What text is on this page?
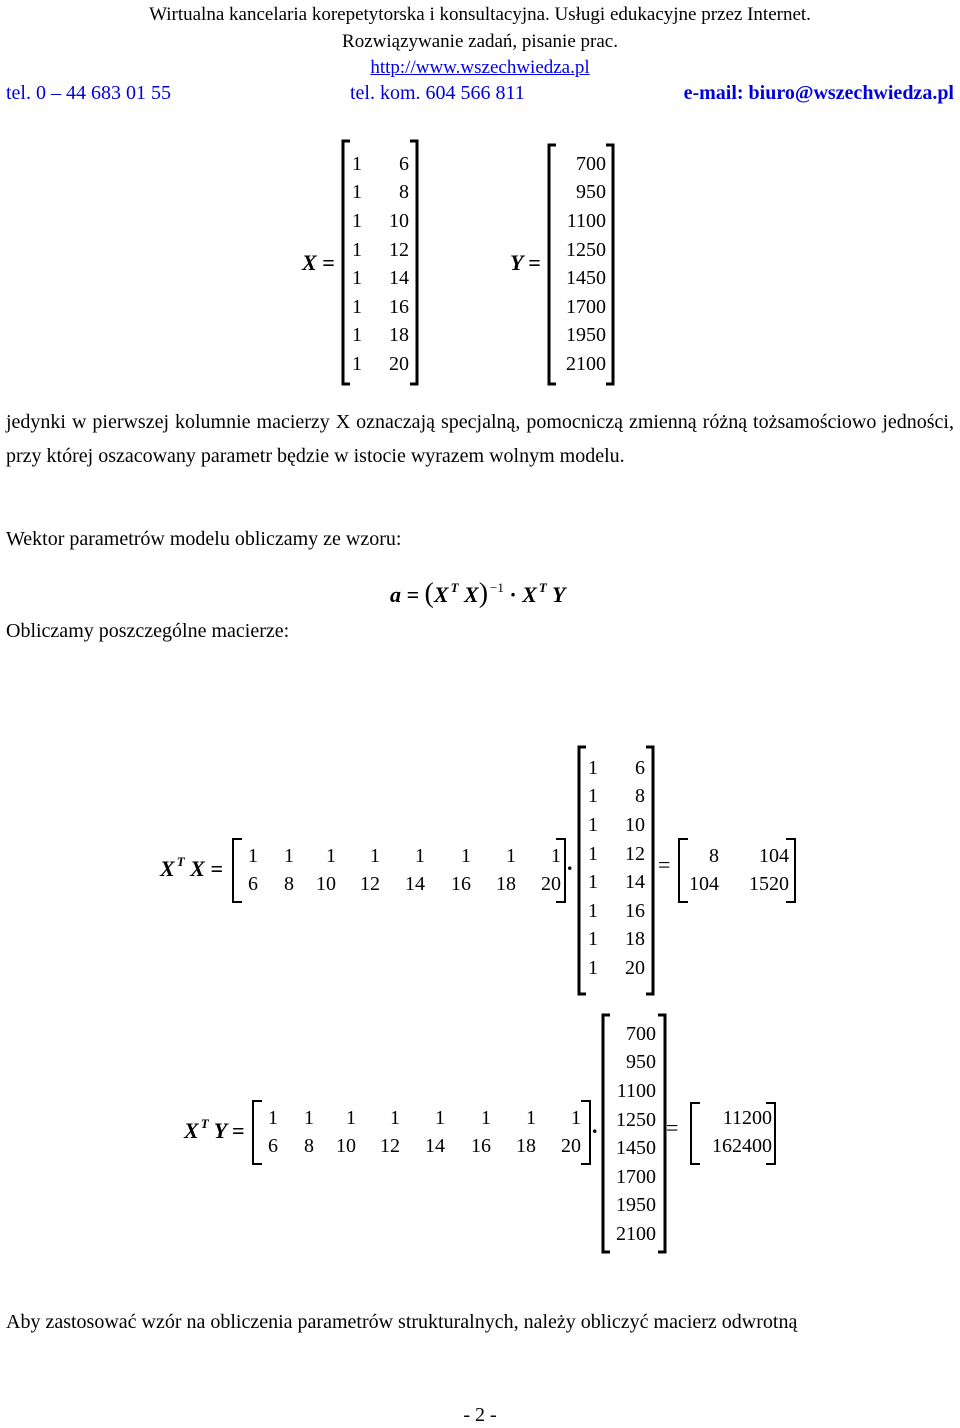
Wirtualna kancelaria korepetytorska i konsultacyjna. Usługi edukacyjne przez Internet.
Rozwiązywanie zadań, pisanie prac.
http://www.wszechwiedza.pl
tel. 0 – 44 683 01 55	tel. kom. 604 566 811	e-mail: biuro@wszechwiedza.pl
X =
1	6
1	8
1	10
1	12
1	14
1	16
1	18
1	20
Y =
700
950
1100
1250
1450
1700
1950
2100
jedynki w pierwszej kolumnie macierzy X oznaczają specjalną, pomocniczą zmienną różną tożsamościowo jedności, przy której oszacowany parametr będzie w istocie wyrazem wolnym modelu.
Wektor parametrów modelu obliczamy ze wzoru:
a = (X $^T$ X) $^{-1}$ · X $^T$ Y
Obliczamy poszczególne macierze:
X $^T$ X =
1	1	1	1	1	1	1	1
6	8	10	12	14	16	18	20
.
1	6
1	8
1	10
1	12
1	14
1	16
1	18
1	20
= 8	104
104	1520
X $^T$ Y =
1	1	1	1	1	1	1	1
6	8	10	12	14	16	18	20
.
700
950
1100
1250
1450
1700
1950
2100
= 11200
162400
Aby zastosować wzór na obliczenia parametrów strukturalnych, należy obliczyć macierz odwrotną
- 2 -
